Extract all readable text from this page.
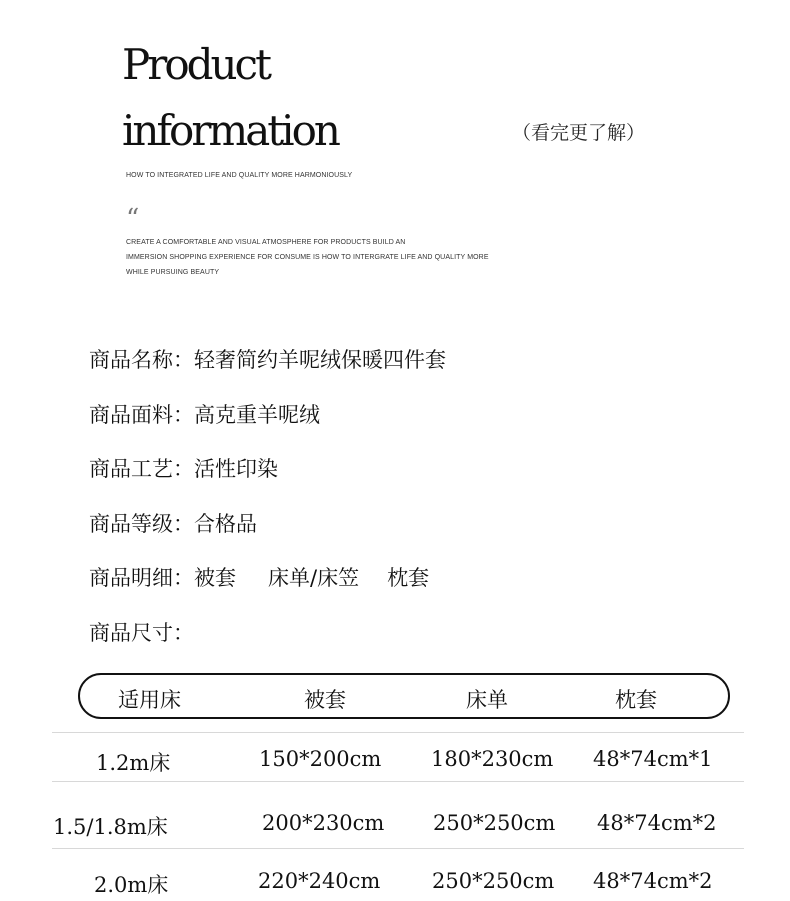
Product
information
HOW TO INTEGRATED LIFE AND QUALITY MORE HARMONIOUSLY
“
CREATE A COMFORTABLE AND VISUAL ATMOSPHERE FOR PRODUCTS BUILD AN
IMMERSION SHOPPING EXPERIENCE FOR CONSUME IS HOW TO INTERGRATE LIFE AND QUALITY MORE
WHILE PURSUING BEAUTY
（看完更了解）
商品名称：轻奢简约羊呢绒保暖四件套
商品面料：高克重羊呢绒
商品工艺：活性印染
商品等级：合格品
商品明细：被套 床单/床笠 枕套
商品尺寸：
适用床	被套	床单	枕套
1.2m床	150*200cm 180*230cm 48*74cm*1
1.5/1.8m床	200*230cm 250*250cm 48*74cm*2
2.0m床	220*240cm 250*250cm 48*74cm*2
